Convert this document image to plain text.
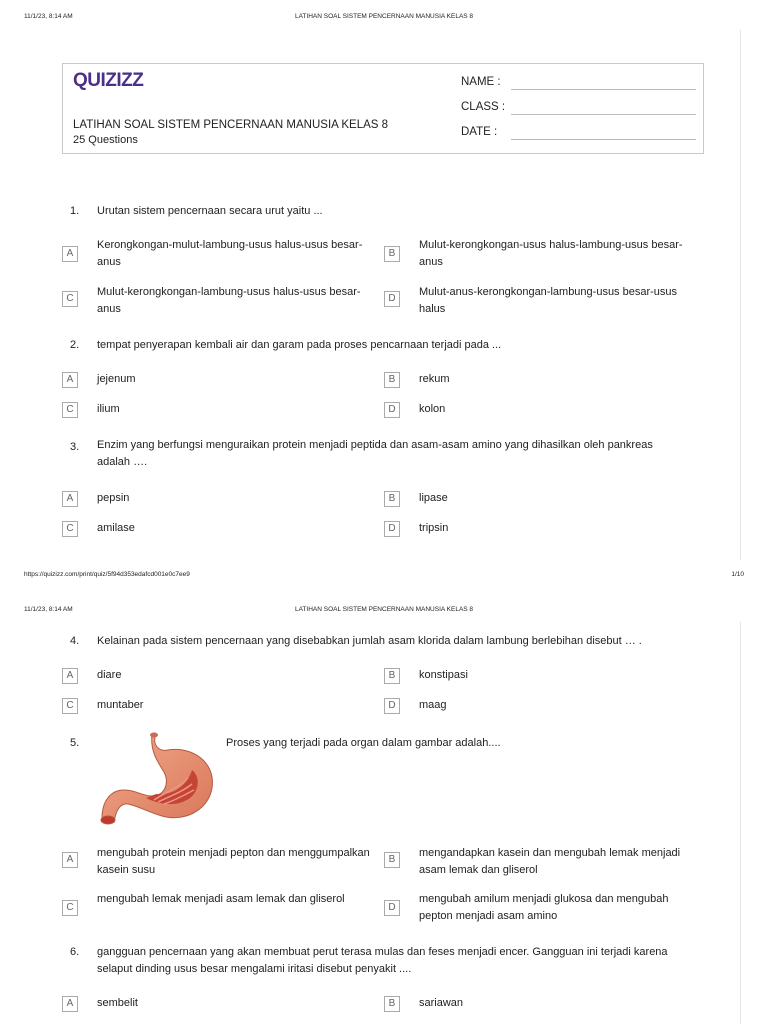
11/1/23, 8:14 AM	LATIHAN SOAL SISTEM PENCERNAAN MANUSIA KELAS 8
QUIZIZZ
LATIHAN SOAL SISTEM PENCERNAAN MANUSIA KELAS 8
25 Questions
NAME :
CLASS :
DATE :
1. Urutan sistem pencernaan secara urut yaitu ...
A
Kerongkongan-mulut-lambung-usus halus-usus besar-anus
B
Mulut-kerongkongan-usus halus-lambung-usus besar-anus
C
Mulut-kerongkongan-lambung-usus halus-usus besar-anus
D
Mulut-anus-kerongkongan-lambung-usus besar-usus halus
2. tempat penyerapan kembali air dan garam pada proses pencarnaan terjadi pada ...
A	jejenum	B	rekum
C	ilium	D	kolon
3. Enzim yang berfungsi menguraikan protein menjadi peptida dan asam-asam amino yang dihasilkan oleh pankreas adalah ….
A	pepsin	B	lipase
C	amilase	D	tripsin
https://quizizz.com/print/quiz/5f94d353edafcd001e0c7ee9	1/10
11/1/23, 8:14 AM	LATIHAN SOAL SISTEM PENCERNAAN MANUSIA KELAS 8
4. Kelainan pada sistem pencernaan yang disebabkan jumlah asam klorida dalam lambung berlebihan disebut … .
A	diare	B	konstipasi
C	muntaber	D	maag
5.	Proses yang terjadi pada organ dalam gambar adalah....
A
mengubah protein menjadi pepton dan menggumpalkan kasein susu
B
mengandapkan kasein dan mengubah lemak menjadi asam lemak dan gliserol
C
mengubah lemak menjadi asam lemak dan gliserol
D
mengubah amilum menjadi glukosa dan mengubah pepton menjadi asam amino
6. gangguan pencernaan yang akan membuat perut terasa mulas dan feses menjadi encer. Gangguan ini terjadi karena selaput dinding usus besar mengalami iritasi disebut penyakit ....
A	sembelit	B	sariawan
